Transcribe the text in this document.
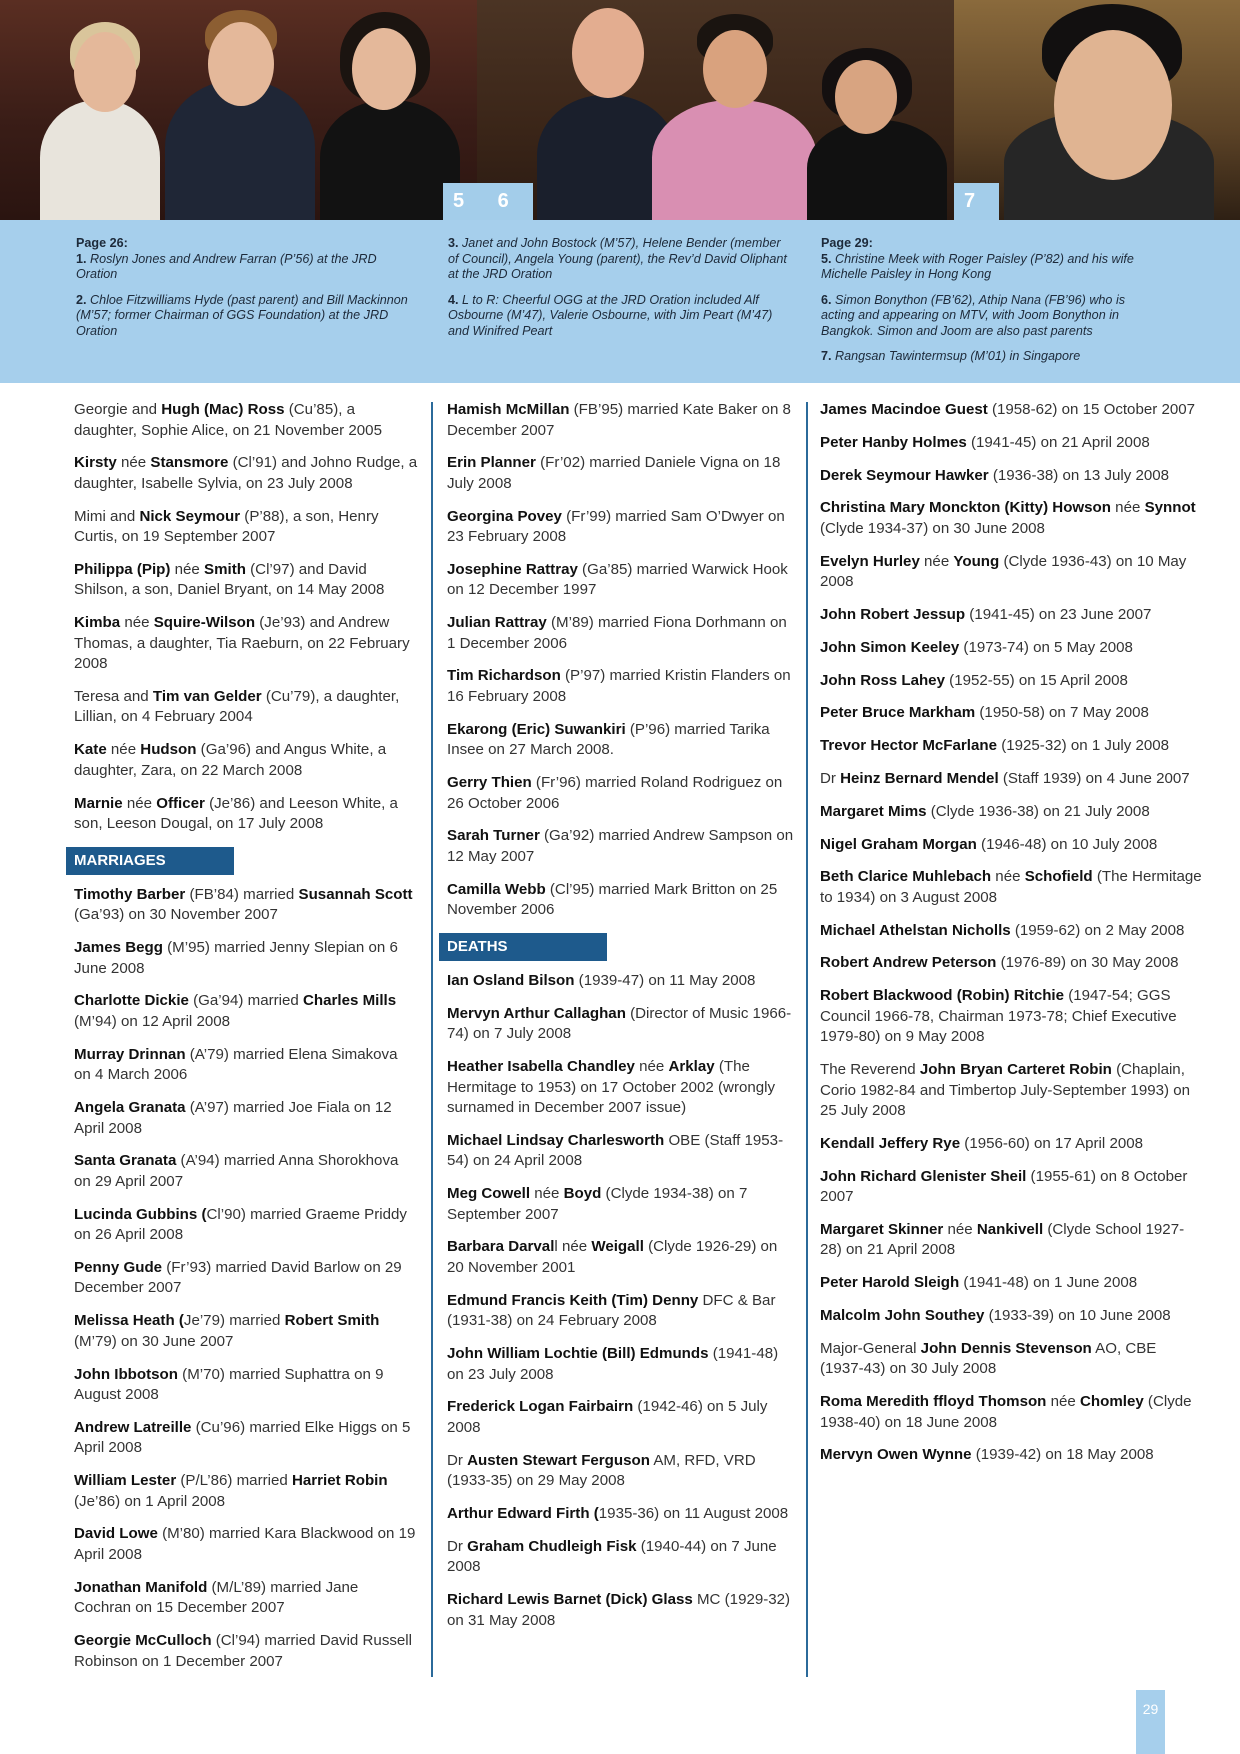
5 6	7
Page 26:

1. Roslyn Jones and Andrew Farran (P’56) at the JRD Oration

2. Chloe Fitzwilliams Hyde (past parent) and Bill Mackinnon (M’57; former Chairman of GGS Foundation) at the JRD Oration

3. Janet and John Bostock (M’57), Helene Bender (member of Council), Angela Young (parent), the Rev’d David Oliphant at the JRD Oration

4. L to R: Cheerful OGG at the JRD Oration included Alf Osbourne (M’47), Valerie Osbourne, with Jim Peart (M’47) and Winifred Peart

Page 29:

5. Christine Meek with Roger Paisley (P’82) and his wife Michelle Paisley in Hong Kong

6. Simon Bonython (FB’62), Athip Nana (FB’96) who is acting and appearing on MTV, with Joom Bonython in Bangkok. Simon and Joom are also past parents

7. Rangsan Tawintermsup (M’01) in Singapore

Georgie and Hugh (Mac) Ross (Cu’85), a daughter, Sophie Alice, on 21 November 2005

Kirsty née Stansmore (Cl’91) and Johno Rudge, a daughter, Isabelle Sylvia, on 23 July 2008

Mimi and Nick Seymour (P’88), a son, Henry Curtis, on 19 September 2007

Philippa (Pip) née Smith (Cl’97) and David Shilson, a son, Daniel Bryant, on 14 May 2008

Kimba née Squire-Wilson (Je’93) and Andrew Thomas, a daughter, Tia Raeburn, on 22 February 2008

Teresa and Tim van Gelder (Cu’79), a daughter, Lillian, on 4 February 2004

Kate née Hudson (Ga’96) and Angus White, a daughter, Zara, on 22 March 2008

Marnie née Officer (Je’86) and Leeson White, a son, Leeson Dougal, on 17 July 2008

MARRIAGES

Timothy Barber (FB’84) married Susannah Scott (Ga’93) on 30 November 2007

James Begg (M’95) married Jenny Slepian on 6 June 2008

Charlotte Dickie (Ga’94) married Charles Mills (M’94) on 12 April 2008

Murray Drinnan (A’79) married Elena Simakova on 4 March 2006

Angela Granata (A’97) married Joe Fiala on 12 April 2008

Santa Granata (A’94) married Anna Shorokhova on 29 April 2007

Lucinda Gubbins (Cl’90) married Graeme Priddy on 26 April 2008

Penny Gude (Fr’93) married David Barlow on 29 December 2007

Melissa Heath (Je’79) married Robert Smith (M’79) on 30 June 2007

John Ibbotson (M’70) married Suphattra on 9 August 2008

Andrew Latreille (Cu’96) married Elke Higgs on 5 April 2008

William Lester (P/L’86) married Harriet Robin (Je’86) on 1 April 2008

David Lowe (M’80) married Kara Blackwood on 19 April 2008

Jonathan Manifold (M/L’89) married Jane Cochran on 15 December 2007

Georgie McCulloch (Cl’94) married David Russell Robinson on 1 December 2007

Hamish McMillan (FB’95) married Kate Baker on 8 December 2007

Erin Planner (Fr’02) married Daniele Vigna on 18 July 2008

Georgina Povey (Fr’99) married Sam O’Dwyer on 23 February 2008

Josephine Rattray (Ga’85) married Warwick Hook on 12 December 1997

Julian Rattray (M’89) married Fiona Dorhmann on 1 December 2006

Tim Richardson (P’97) married Kristin Flanders on 16 February 2008

Ekarong (Eric) Suwankiri (P’96) married Tarika Insee on 27 March 2008.

Gerry Thien (Fr’96) married Roland Rodriguez on 26 October 2006

Sarah Turner (Ga’92) married Andrew Sampson on 12 May 2007

Camilla Webb (Cl’95) married Mark Britton on 25 November 2006

DEATHS

Ian Osland Bilson (1939-47) on 11 May 2008

Mervyn Arthur Callaghan (Director of Music 1966-74) on 7 July 2008

Heather Isabella Chandley née Arklay (The Hermitage to 1953) on 17 October 2002 (wrongly surnamed in December 2007 issue)

Michael Lindsay Charlesworth OBE (Staff 1953-54) on 24 April 2008

Meg Cowell née Boyd (Clyde 1934-38) on 7 September 2007

Barbara Darvall née Weigall (Clyde 1926-29) on 20 November 2001

Edmund Francis Keith (Tim) Denny DFC & Bar (1931-38) on 24 February 2008

John William Lochtie (Bill) Edmunds (1941-48) on 23 July 2008

Frederick Logan Fairbairn (1942-46) on 5 July 2008

Dr Austen Stewart Ferguson AM, RFD, VRD (1933-35) on 29 May 2008

Arthur Edward Firth (1935-36) on 11 August 2008

Dr Graham Chudleigh Fisk (1940-44) on 7 June 2008

Richard Lewis Barnet (Dick) Glass MC (1929-32) on 31 May 2008

James Macindoe Guest (1958-62) on 15 October 2007

Peter Hanby Holmes (1941-45) on 21 April 2008

Derek Seymour Hawker (1936-38) on 13 July 2008

Christina Mary Monckton (Kitty) Howson née Synnot (Clyde 1934-37) on 30 June 2008

Evelyn Hurley née Young (Clyde 1936-43) on 10 May 2008

John Robert Jessup (1941-45) on 23 June 2007

John Simon Keeley (1973-74) on 5 May 2008

John Ross Lahey (1952-55) on 15 April 2008

Peter Bruce Markham (1950-58) on 7 May 2008

Trevor Hector McFarlane (1925-32) on 1 July 2008

Dr Heinz Bernard Mendel (Staff 1939) on 4 June 2007

Margaret Mims (Clyde 1936-38) on 21 July 2008

Nigel Graham Morgan (1946-48) on 10 July 2008

Beth Clarice Muhlebach née Schofield (The Hermitage to 1934) on 3 August 2008

Michael Athelstan Nicholls (1959-62) on 2 May 2008

Robert Andrew Peterson (1976-89) on 30 May 2008

Robert Blackwood (Robin) Ritchie (1947-54; GGS Council 1966-78, Chairman 1973-78; Chief Executive 1979-80) on 9 May 2008

The Reverend John Bryan Carteret Robin (Chaplain, Corio 1982-84 and Timbertop July-September 1993) on 25 July 2008

Kendall Jeffery Rye (1956-60) on 17 April 2008

John Richard Glenister Sheil (1955-61) on 8 October 2007

Margaret Skinner née Nankivell (Clyde School 1927-28) on 21 April 2008

Peter Harold Sleigh (1941-48) on 1 June 2008

Malcolm John Southey (1933-39) on 10 June 2008

Major-General John Dennis Stevenson AO, CBE (1937-43) on 30 July 2008

Roma Meredith ffloyd Thomson née Chomley (Clyde 1938-40) on 18 June 2008

Mervyn Owen Wynne (1939-42) on 18 May 2008

29
